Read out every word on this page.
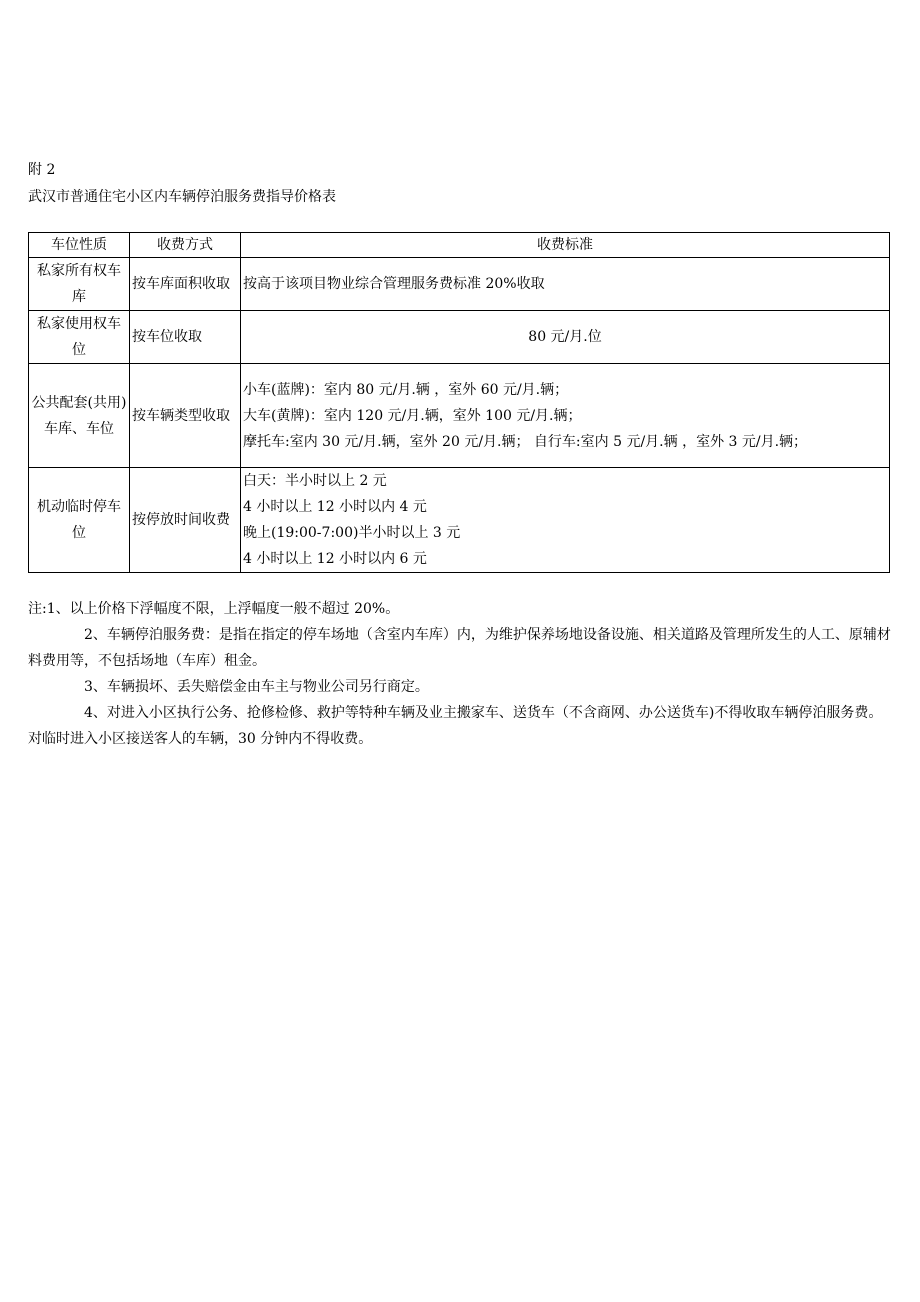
附 2
武汉市普通住宅小区内车辆停泊服务费指导价格表
车位性质	收费方式	收费标准
私家所有权车库	按车库面积收取	按高于该项目物业综合管理服务费标准 20%收取

私家使用权车位	按车位收取	80 元/月.位

公共配套(共用)车库、车位	按车辆类型收取	小车(蓝牌)：室内 80 元/月.辆 ，室外 60 元/月.辆；
大车(黄牌)：室内 120 元/月.辆，室外 100 元/月.辆；
摩托车:室内 30 元/月.辆，室外 20 元/月.辆； 自行车:室内 5 元/月.辆 ，室外 3 元/月.辆；

机动临时停车位	按停放时间收费	白天：半小时以上 2 元
4 小时以上 12 小时以内 4 元
晚上(19:00-7:00)半小时以上 3 元
4 小时以上 12 小时以内 6 元
注:1、以上价格下浮幅度不限，上浮幅度一般不超过 20%。
2、车辆停泊服务费：是指在指定的停车场地（含室内车库）内，为维护保养场地设备设施、相关道路及管理所发生的人工、原辅材料费用等，不包括场地（车库）租金。
3、车辆损坏、丢失赔偿金由车主与物业公司另行商定。
4、对进入小区执行公务、抢修检修、救护等特种车辆及业主搬家车、送货车（不含商网、办公送货车)不得收取车辆停泊服务费。对临时进入小区接送客人的车辆，30 分钟内不得收费。
